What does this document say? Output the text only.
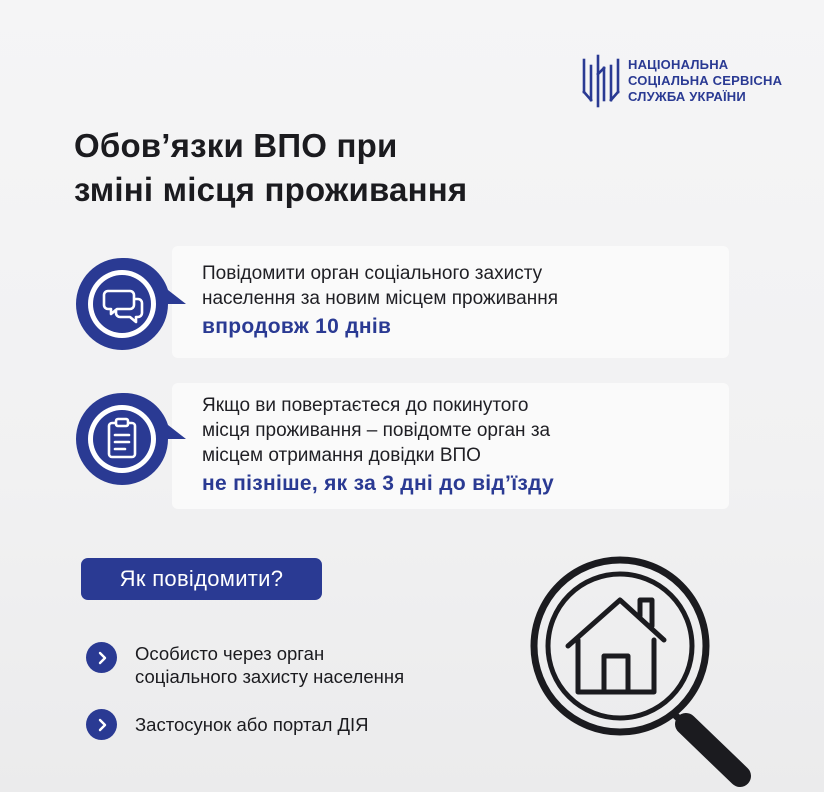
НАЦІОНАЛЬНА
СОЦІАЛЬНА СЕРВІСНА
СЛУЖБА УКРАЇНИ
Обов’язки ВПО при
зміні місця проживання
Повідомити орган соціального захисту
населення за новим місцем проживання
впродовж 10 днів
Якщо ви повертаєтеся до покинутого
місця проживання – повідомте орган за
місцем отримання довідки ВПО
не пізніше, як за 3 дні до від’їзду
Як повідомити?
Особисто через орган
соціального захисту населення
Застосунок або портал ДІЯ
